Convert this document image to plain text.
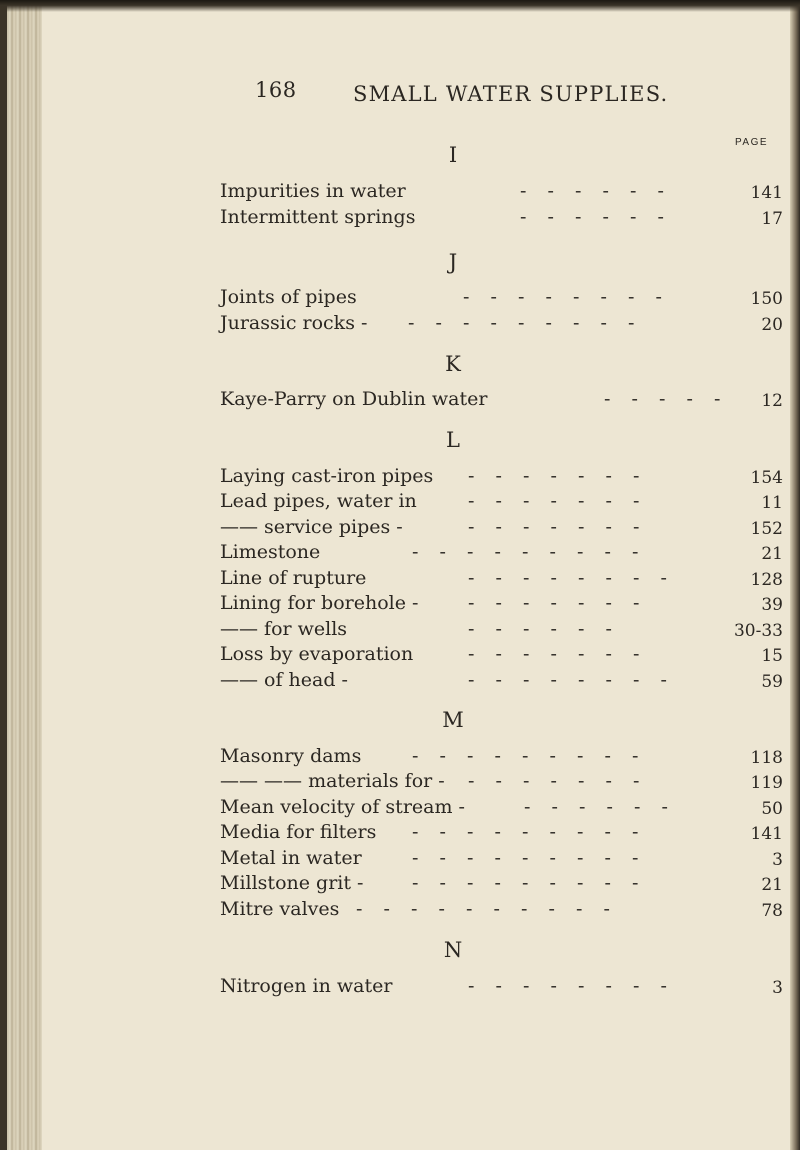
168	SMALL WATER SUPPLIES.
PAGE
I
Impurities in water	-  -  -  -  -  -	141
Intermittent springs	-  -  -  -  -  -	17
J
Joints of pipes	-  -  -  -  -  -  -  -	150
Jurassic rocks - -  -  -  -  -  -  -  -  -	20
K
Kaye-Parry on Dublin water	-  -  -  -  - 12
L
Laying cast-iron pipes -  -  -  -  -  -  -	154
Lead pipes, water in	-  -  -  -  -  -  -	11
—— service pipes -	-  -  -  -  -  -  -	152
Limestone	-  -  -  -  -  -  -  -  -	21
Line of rupture	-  -  -  -  -  -  -  -	128
Lining for borehole -	-  -  -  -  -  -  -	39
—— for wells	-  -  -  -  -  -	30-33
Loss by evaporation	-  -  -  -  -  -  -	15
—— of head -	-  -  -  -  -  -  -  -	59
M
Masonry dams	-  -  -  -  -  -  -  -  -	118
—— —— materials for - -  -  -  -  -  -  -	119
Mean velocity of stream -	-  -  -  -  -  -	50
Media for filters -  -  -  -  -  -  -  -  -	141
Metal in water	-  -  -  -  -  -  -  -  -	3
Millstone grit -	-  -  -  -  -  -  -  -  -	21
Mitre valves -  -  -  -  -  -  -  -  -  -	78
N
Nitrogen in water	-  -  -  -  -  -  -  -	3
